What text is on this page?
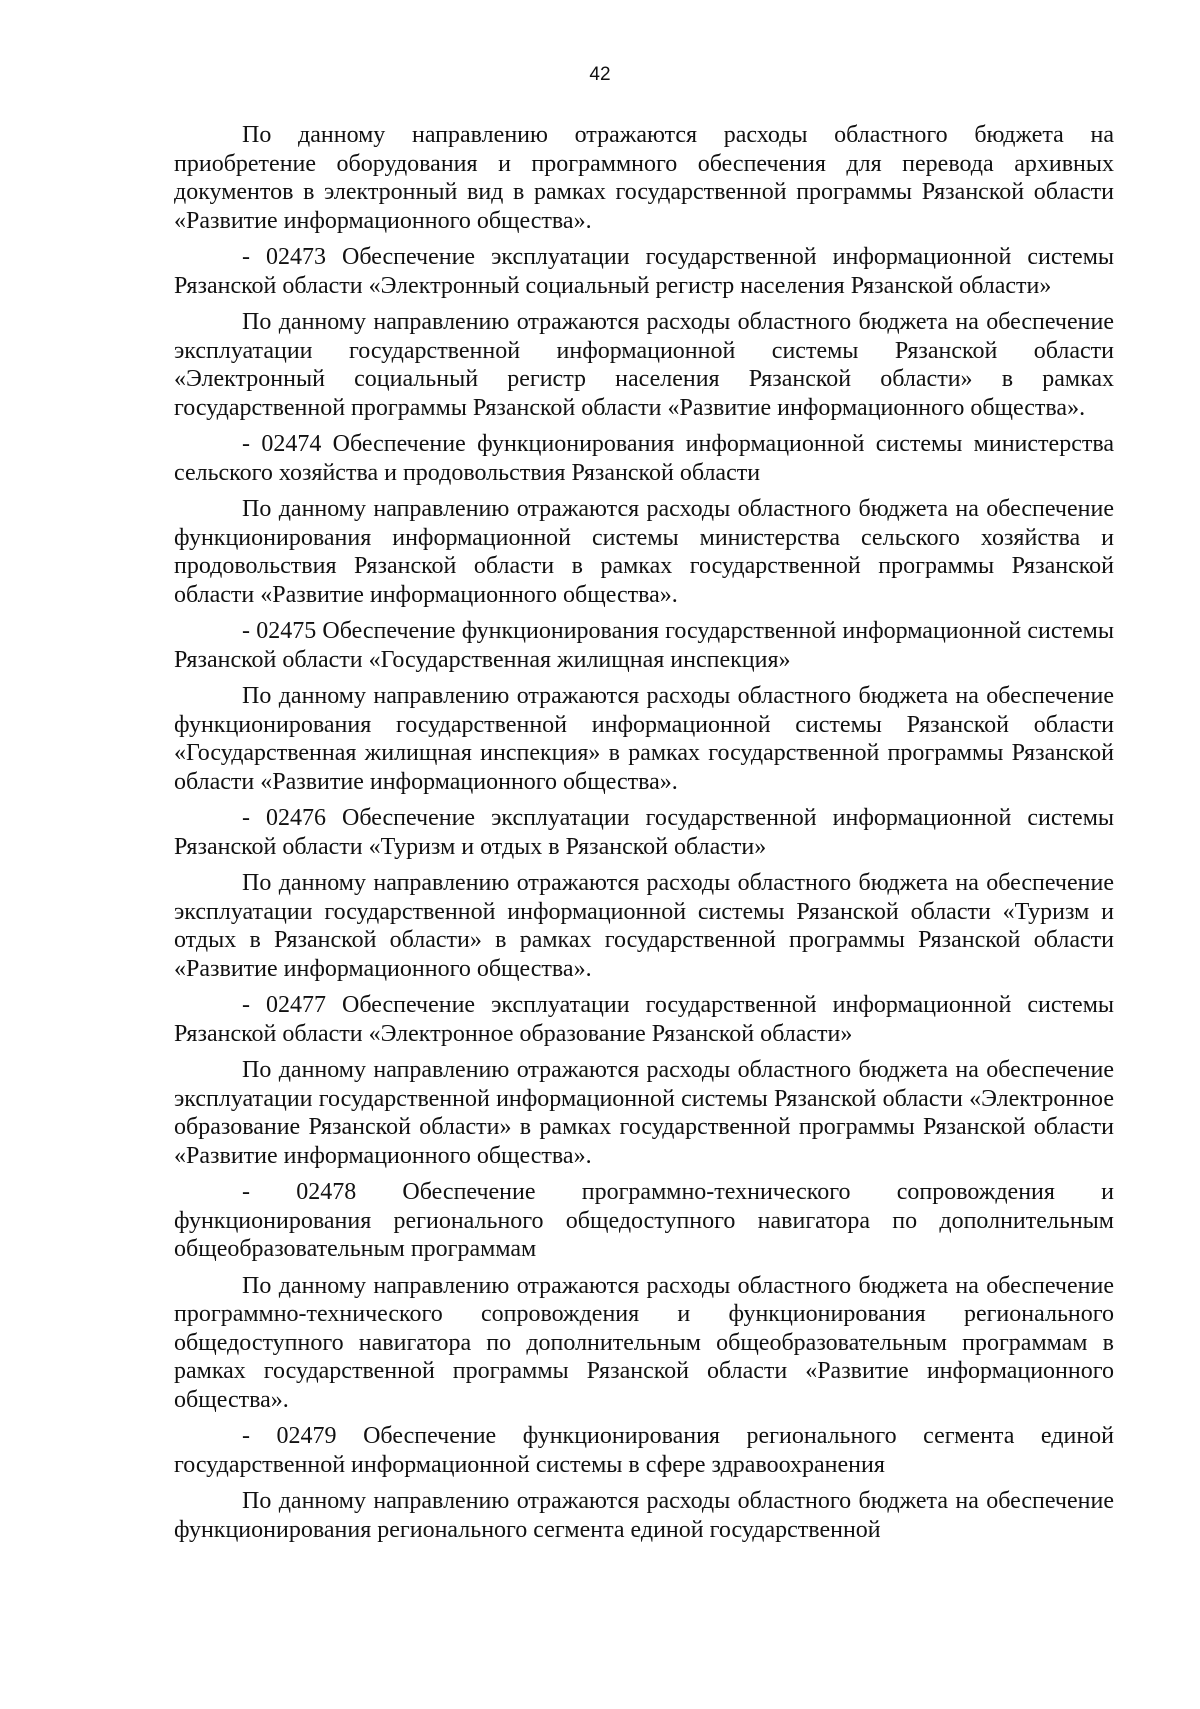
42

По данному направлению отражаются расходы областного бюджета на приобретение оборудования и программного обеспечения для перевода архивных документов в электронный вид в рамках государственной программы Рязанской области «Развитие информационного общества».

- 02473 Обеспечение эксплуатации государственной информационной системы Рязанской области «Электронный социальный регистр населения Рязанской области»

По данному направлению отражаются расходы областного бюджета на обеспечение эксплуатации государственной информационной системы Рязанской области «Электронный социальный регистр населения Рязанской области» в рамках государственной программы Рязанской области «Развитие информационного общества».

- 02474 Обеспечение функционирования информационной системы министерства сельского хозяйства и продовольствия Рязанской области

По данному направлению отражаются расходы областного бюджета на обеспечение функционирования информационной системы министерства сельского хозяйства и продовольствия Рязанской области в рамках государственной программы Рязанской области «Развитие информационного общества».

- 02475 Обеспечение функционирования государственной информационной системы Рязанской области «Государственная жилищная инспекция»

По данному направлению отражаются расходы областного бюджета на обеспечение функционирования государственной информационной системы Рязанской области «Государственная жилищная инспекция» в рамках государственной программы Рязанской области «Развитие информационного общества».

- 02476 Обеспечение эксплуатации государственной информационной системы Рязанской области «Туризм и отдых в Рязанской области»

По данному направлению отражаются расходы областного бюджета на обеспечение эксплуатации государственной информационной системы Рязанской области «Туризм и отдых в Рязанской области» в рамках государственной программы Рязанской области «Развитие информационного общества».

- 02477 Обеспечение эксплуатации государственной информационной системы Рязанской области «Электронное образование Рязанской области»

По данному направлению отражаются расходы областного бюджета на обеспечение эксплуатации государственной информационной системы Рязанской области «Электронное образование Рязанской области» в рамках государственной программы Рязанской области «Развитие информационного общества».

- 02478 Обеспечение программно-технического сопровождения и функционирования регионального общедоступного навигатора по дополнительным общеобразовательным программам

По данному направлению отражаются расходы областного бюджета на обеспечение программно-технического сопровождения и функционирования регионального общедоступного навигатора по дополнительным общеобразовательным программам в рамках государственной программы Рязанской области «Развитие информационного общества».

- 02479 Обеспечение функционирования регионального сегмента единой государственной информационной системы в сфере здравоохранения

По данному направлению отражаются расходы областного бюджета на обеспечение функционирования регионального сегмента единой государственной
